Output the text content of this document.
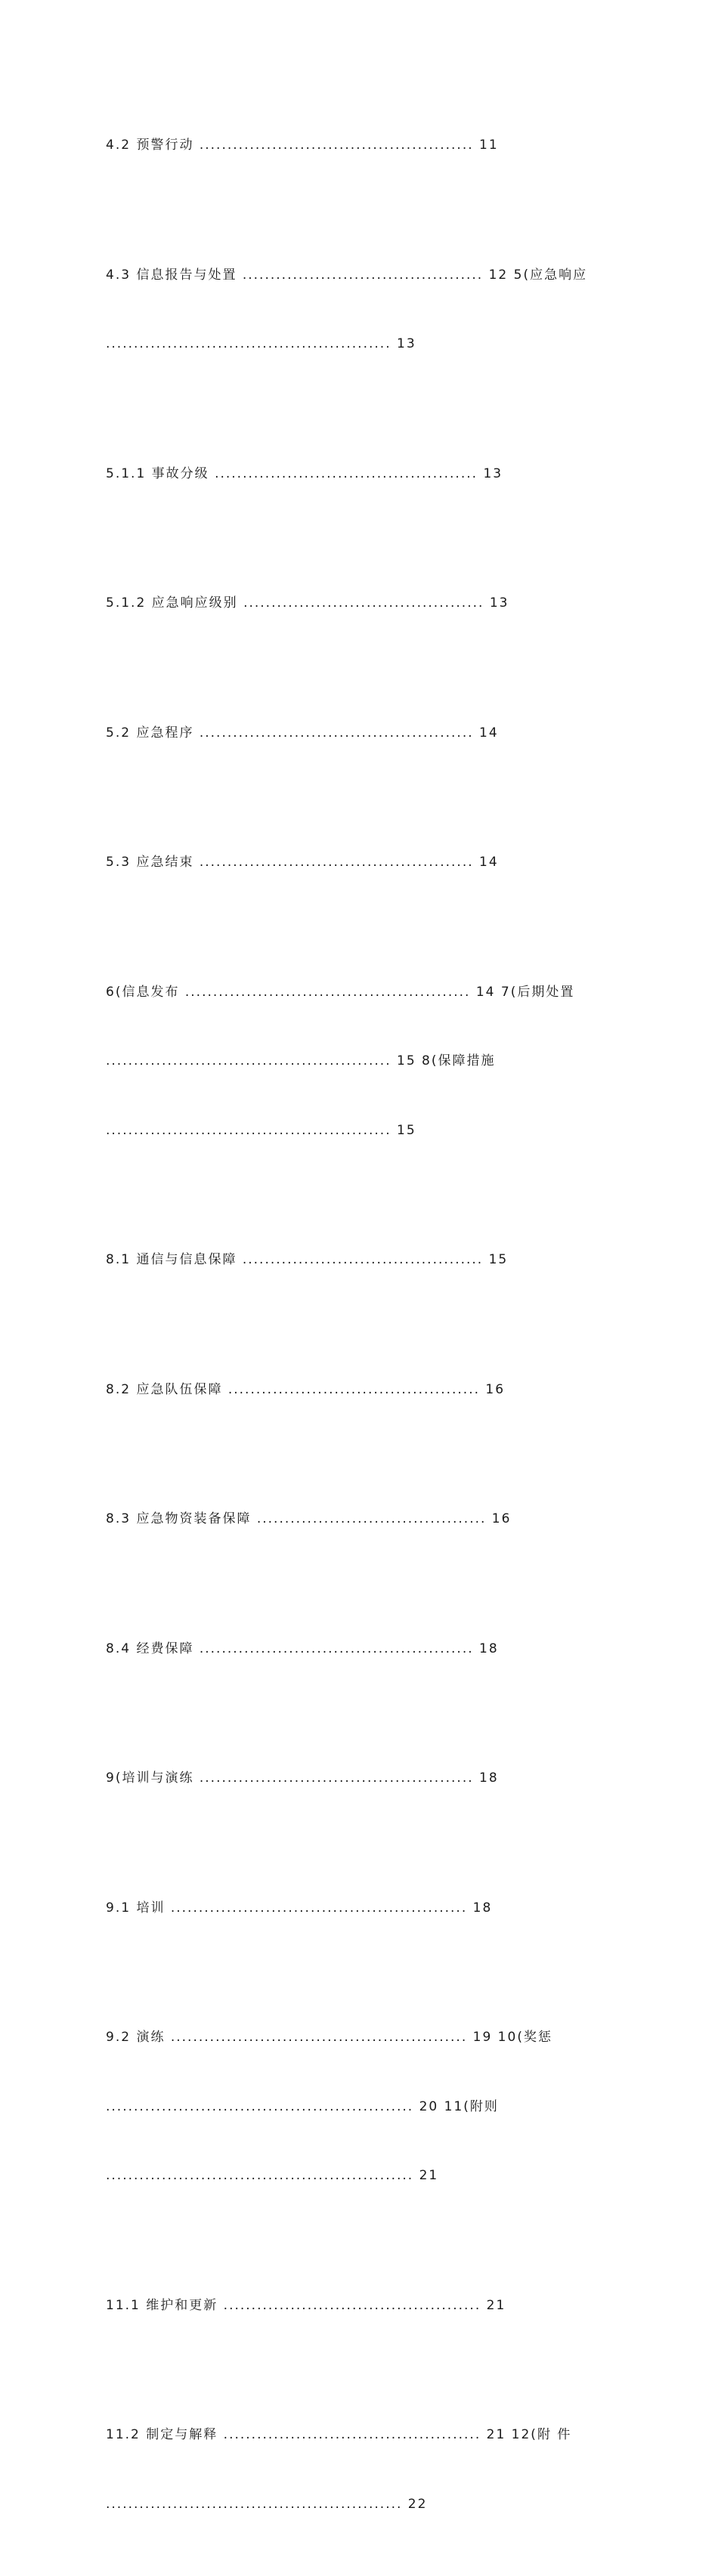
4.2 预警行动 ................................................. 11

4.3 信息报告与处置 ........................................... 12 5(应急响应

................................................... 13

5.1.1 事故分级 ............................................... 13

5.1.2 应急响应级别 ........................................... 13

5.2 应急程序 ................................................. 14

5.3 应急结束 ................................................. 14

6(信息发布 ................................................... 14 7(后期处置

................................................... 15 8(保障措施

................................................... 15

8.1 通信与信息保障 ........................................... 15

8.2 应急队伍保障 ............................................. 16

8.3 应急物资装备保障 ......................................... 16

8.4 经费保障 ................................................. 18

9(培训与演练 ................................................. 18

9.1 培训 ..................................................... 18

9.2 演练 ..................................................... 19 10(奖惩

....................................................... 20 11(附则

....................................................... 21

11.1 维护和更新 .............................................. 21

11.2 制定与解释 .............................................. 21 12(附 件

..................................................... 22
